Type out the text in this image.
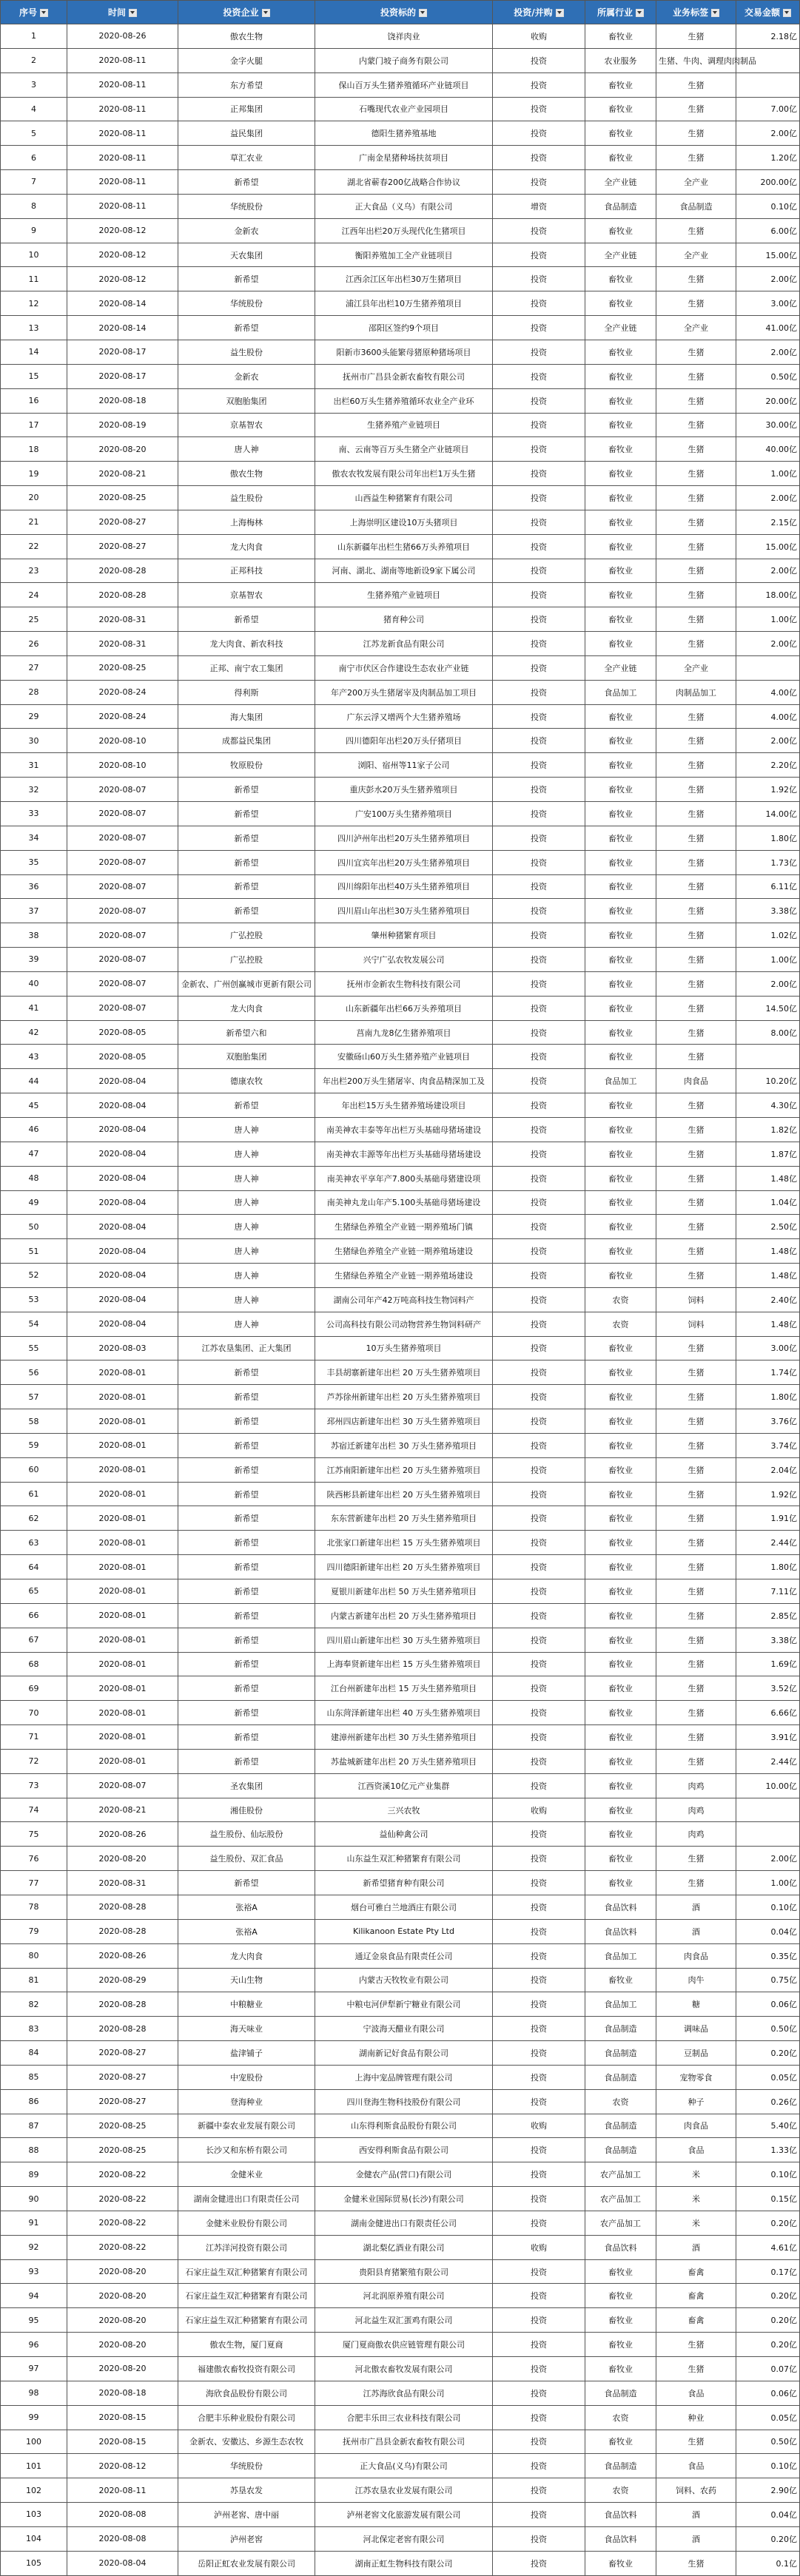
序号	时间	投资企业	投资标的	投资/并购	所属行业	业务标签	交易金额
1	2020-08-26	傲农生物	饶祥肉业	收购	畜牧业	生猪	2.18亿
2	2020-08-11	金字火腿	内蒙门坡子商务有限公司	投资	农业服务	生猪、牛肉、调理肉肉制品	
3	2020-08-11	东方希望	保山百万头生猪养殖循环产业链项目	投资	畜牧业	生猪	
4	2020-08-11	正邦集团	石嘴现代农业产业园项目	投资	畜牧业	生猪	7.00亿
5	2020-08-11	益民集团	德阳生猪养殖基地	投资	畜牧业	生猪	2.00亿
6	2020-08-11	草汇农业	广南金星猪种场扶贫项目	投资	畜牧业	生猪	1.20亿
7	2020-08-11	新希望	湖北省蕲春200亿战略合作协议	投资	全产业链	全产业	200.00亿
8	2020-08-11	华统股份	正大食品（义乌）有限公司	增资	食品制造	食品制造	0.10亿
9	2020-08-12	金新农	江西年出栏20万头现代化生猪项目	投资	畜牧业	生猪	6.00亿
10	2020-08-12	天农集团	衡阳养殖加工全产业链项目	投资	全产业链	全产业	15.00亿
11	2020-08-12	新希望	江西余江区年出栏30万生猪项目	投资	畜牧业	生猪	2.00亿
12	2020-08-14	华统股份	浦江县年出栏10万生猪养殖项目	投资	畜牧业	生猪	3.00亿
13	2020-08-14	新希望	邵阳区签约9个项目	投资	全产业链	全产业	41.00亿
14	2020-08-17	益生股份	阳新市3600头能繁母猪原种猪场项目	投资	畜牧业	生猪	2.00亿
15	2020-08-17	金新农	抚州市广昌县金新农畜牧有限公司	投资	畜牧业	生猪	0.50亿
16	2020-08-18	双胞胎集团	出栏60万头生猪养殖循环农业全产业环	投资	畜牧业	生猪	20.00亿
17	2020-08-19	京基智农	生猪养殖产业链项目	投资	畜牧业	生猪	30.00亿
18	2020-08-20	唐人神	南、云南等百万头生猪全产业链项目	投资	畜牧业	生猪	40.00亿
19	2020-08-21	傲农生物	傲农农牧发展有限公司年出栏1万头生猪	投资	畜牧业	生猪	1.00亿
20	2020-08-25	益生股份	山西益生种猪繁育有限公司	投资	畜牧业	生猪	2.00亿
21	2020-08-27	上海梅林	上海崇明区建设10万头猪项目	投资	畜牧业	生猪	2.15亿
22	2020-08-27	龙大肉食	山东新疆年出栏生猪66万头养殖项目	投资	畜牧业	生猪	15.00亿
23	2020-08-28	正邦科技	河南、湖北、湖南等地新设9家下属公司	投资	畜牧业	生猪	2.00亿
24	2020-08-28	京基智农	生猪养殖产业链项目	投资	畜牧业	生猪	18.00亿
25	2020-08-31	新希望	猪育种公司	投资	畜牧业	生猪	1.00亿
26	2020-08-31	龙大肉食、新农科技	江苏龙新食品有限公司	投资	畜牧业	生猪	2.00亿
27	2020-08-25	正邦、南宁农工集团	南宁市伏区合作建设生态农业产业链	投资	全产业链	全产业	
28	2020-08-24	得利斯	年产200万头生猪屠宰及肉制品加工项目	投资	食品加工	肉制品加工	4.00亿
29	2020-08-24	海大集团	广东云浮又增两个大生猪养殖场	投资	畜牧业	生猪	4.00亿
30	2020-08-10	成都益民集团	四川德阳年出栏20万头仔猪项目	投资	畜牧业	生猪	2.00亿
31	2020-08-10	牧原股份	浏阳、宿州等11家子公司	投资	畜牧业	生猪	2.20亿
32	2020-08-07	新希望	重庆彭水20万头生猪养殖项目	投资	畜牧业	生猪	1.92亿
33	2020-08-07	新希望	广安100万头生猪养殖项目	投资	畜牧业	生猪	14.00亿
34	2020-08-07	新希望	四川泸州年出栏20万头生猪养殖项目	投资	畜牧业	生猪	1.80亿
35	2020-08-07	新希望	四川宜宾年出栏20万头生猪养殖项目	投资	畜牧业	生猪	1.73亿
36	2020-08-07	新希望	四川绵阳年出栏40万头生猪养殖项目	投资	畜牧业	生猪	6.11亿
37	2020-08-07	新希望	四川眉山年出栏30万头生猪养殖项目	投资	畜牧业	生猪	3.38亿
38	2020-08-07	广弘控股	肇州种猪繁育项目	投资	畜牧业	生猪	1.02亿
39	2020-08-07	广弘控股	兴宁广弘农牧发展公司	投资	畜牧业	生猪	1.00亿
40	2020-08-07	金新农、广州创赢城市更新有限公司	抚州市金新农生物科技有限公司	投资	畜牧业	生猪	2.00亿
41	2020-08-07	龙大肉食	山东新疆年出栏66万头养殖项目	投资	畜牧业	生猪	14.50亿
42	2020-08-05	新希望六和	莒南九龙8亿生猪养殖项目	投资	畜牧业	生猪	8.00亿
43	2020-08-05	双胞胎集团	安徽砀山60万头生猪养殖产业链项目	投资	畜牧业	生猪	
44	2020-08-04	德康农牧	年出栏200万头生猪屠宰、肉食品精深加工及	投资	食品加工	肉食品	10.20亿
45	2020-08-04	新希望	年出栏15万头生猪养殖场建设项目	投资	畜牧业	生猪	4.30亿
46	2020-08-04	唐人神	南美神农丰泰等年出栏万头基础母猪场建设	投资	畜牧业	生猪	1.82亿
47	2020-08-04	唐人神	南美神农丰源等年出栏万头基础母猪场建设	投资	畜牧业	生猪	1.87亿
48	2020-08-04	唐人神	南美神农平享年产7.800头基础母猪建设项	投资	畜牧业	生猪	1.48亿
49	2020-08-04	唐人神	南美神丸龙山年产5.100头基础母猪场建设	投资	畜牧业	生猪	1.04亿
50	2020-08-04	唐人神	生猪绿色养殖全产业链一期养殖场门镇	投资	畜牧业	生猪	2.50亿
51	2020-08-04	唐人神	生猪绿色养殖全产业链一期养殖场建设	投资	畜牧业	生猪	1.48亿
52	2020-08-04	唐人神	生猪绿色养殖全产业链一期养殖场建设	投资	畜牧业	生猪	1.48亿
53	2020-08-04	唐人神	湖南公司年产42万吨高科技生物饲料产	投资	农资	饲料	2.40亿
54	2020-08-04	唐人神	公司高科技有限公司动物营养生物饲料研产	投资	农资	饲料	1.48亿
55	2020-08-03	江苏农垦集团、正大集团	10万头生猪养殖项目	投资	畜牧业	生猪	3.00亿
56	2020-08-01	新希望	丰县胡寨新建年出栏 20 万头生猪养殖项目	投资	畜牧业	生猪	1.74亿
57	2020-08-01	新希望	芦苏徐州新建年出栏 20 万头生猪养殖项目	投资	畜牧业	生猪	1.80亿
58	2020-08-01	新希望	邳州四店新建年出栏 30 万头生猪养殖项目	投资	畜牧业	生猪	3.76亿
59	2020-08-01	新希望	苏宿迁新建年出栏 30 万头生猪养殖项目	投资	畜牧业	生猪	3.74亿
60	2020-08-01	新希望	江苏南阳新建年出栏 20 万头生猪养殖项目	投资	畜牧业	生猪	2.04亿
61	2020-08-01	新希望	陕西彬县新建年出栏 20 万头生猪养殖项目	投资	畜牧业	生猪	1.92亿
62	2020-08-01	新希望	东东营新建年出栏 20 万头生猪养殖项目	投资	畜牧业	生猪	1.91亿
63	2020-08-01	新希望	北张家口新建年出栏 15 万头生猪养殖项目	投资	畜牧业	生猪	2.44亿
64	2020-08-01	新希望	四川德阳新建年出栏 20 万头生猪养殖项目	投资	畜牧业	生猪	1.80亿
65	2020-08-01	新希望	夏银川新建年出栏 50 万头生猪养殖项目	投资	畜牧业	生猪	7.11亿
66	2020-08-01	新希望	内蒙古新建年出栏 20 万头生猪养殖项目	投资	畜牧业	生猪	2.85亿
67	2020-08-01	新希望	四川眉山新建年出栏 30 万头生猪养殖项目	投资	畜牧业	生猪	3.38亿
68	2020-08-01	新希望	上海奉贤新建年出栏 15 万头生猪养殖项目	投资	畜牧业	生猪	1.69亿
69	2020-08-01	新希望	江台州新建年出栏 15 万头生猪养殖项目	投资	畜牧业	生猪	3.52亿
70	2020-08-01	新希望	山东菏泽新建年出栏 40 万头生猪养殖项目	投资	畜牧业	生猪	6.66亿
71	2020-08-01	新希望	建漳州新建年出栏 30 万头生猪养殖项目	投资	畜牧业	生猪	3.91亿
72	2020-08-01	新希望	苏盐城新建年出栏 20 万头生猪养殖项目	投资	畜牧业	生猪	2.44亿
73	2020-08-07	圣农集团	江西资溪10亿元产业集群	投资	畜牧业	肉鸡	10.00亿
74	2020-08-21	湘佳股份	三兴农牧	收购	畜牧业	肉鸡	
75	2020-08-26	益生股份、仙坛股份	益仙种禽公司	投资	畜牧业	肉鸡	
76	2020-08-20	益生股份、双汇食品	山东益生双汇种猪繁育有限公司	投资	畜牧业	生猪	2.00亿
77	2020-08-31	新希望	新希望猪育种有限公司	投资	畜牧业	生猪	1.00亿
78	2020-08-28	张裕A	烟台可雅白兰地酒庄有限公司	投资	食品饮料	酒	0.10亿
79	2020-08-28	张裕A	Kilikanoon Estate Pty Ltd	投资	食品饮料	酒	0.04亿
80	2020-08-26	龙大肉食	通辽金泉食品有限责任公司	投资	食品加工	肉食品	0.35亿
81	2020-08-29	天山生物	内蒙古天牧牧业有限公司	投资	畜牧业	肉牛	0.75亿
82	2020-08-28	中粮糖业	中粮屯河伊犁新宁糖业有限公司	投资	食品加工	糖	0.06亿
83	2020-08-28	海天味业	宁波海天醋业有限公司	投资	食品制造	调味品	0.50亿
84	2020-08-27	盐津铺子	湖南新记好食品有限公司	投资	食品制造	豆制品	0.20亿
85	2020-08-27	中宠股份	上海中宠品牌管理有限公司	投资	食品制造	宠物零食	0.05亿
86	2020-08-27	登海种业	四川登海生物科技股份有限公司	投资	农资	种子	0.26亿
87	2020-08-25	新疆中泰农业发展有限公司	山东得利斯食品股份有限公司	收购	食品制造	肉食品	5.40亿
88	2020-08-25	长沙又和东桥有限公司	西安得利斯食品有限公司	投资	食品制造	食品	1.33亿
89	2020-08-22	金健米业	金健农产品(营口)有限公司	投资	农产品加工	米	0.10亿
90	2020-08-22	湖南金健进出口有限责任公司	金健米业国际贸易(长沙)有限公司	投资	农产品加工	米	0.15亿
91	2020-08-22	金健米业股份有限公司	湖南金健进出口有限责任公司	投资	农产品加工	米	0.20亿
92	2020-08-22	江苏洋河投资有限公司	湖北梨亿酒业有限公司	收购	食品饮料	酒	4.61亿
93	2020-08-20	石家庄益生双汇种猪繁育有限公司	贵阳县育猪繁殖有限公司	投资	畜牧业	畜禽	0.17亿
94	2020-08-20	石家庄益生双汇种猪繁育有限公司	河北润原养殖有限公司	投资	畜牧业	畜禽	0.20亿
95	2020-08-20	石家庄益生双汇种猪繁育有限公司	河北益生双汇蛋鸡有限公司	投资	畜牧业	畜禽	0.20亿
96	2020-08-20	傲农生物，厦门夏商	厦门夏商傲农供应链管理有限公司	投资	畜牧业	生猪	0.20亿
97	2020-08-20	福建傲农畜牧投资有限公司	河北傲农畜牧发展有限公司	投资	畜牧业	生猪	0.07亿
98	2020-08-18	海欣食品股份有限公司	江苏海欣食品有限公司	投资	食品制造	食品	0.06亿
99	2020-08-15	合肥丰乐种业股份有限公司	合肥丰乐田三农业科技有限公司	投资	农资	种业	0.05亿
100	2020-08-15	金新农、安徽达、乡源生态农牧	抚州市广昌县金新农畜牧有限公司	投资	畜牧业	生猪	0.50亿
101	2020-08-12	华统股份	正大食品(义乌)有限公司	投资	食品制造	食品	0.10亿
102	2020-08-11	苏垦农发	江苏农垦农业发展有限公司	投资	农资	饲料、农药	2.90亿
103	2020-08-08	泸州老窖、唐中丽	泸州老窖文化旅游发展有限公司	投资	食品饮料	酒	0.04亿
104	2020-08-08	泸州老窖	河北保定老窖有限公司	投资	食品饮料	酒	0.20亿
105	2020-08-04	岳阳正虹农业发展有限公司	湖南正虹生物科技有限公司	投资	畜牧业	生猪	0.1亿
